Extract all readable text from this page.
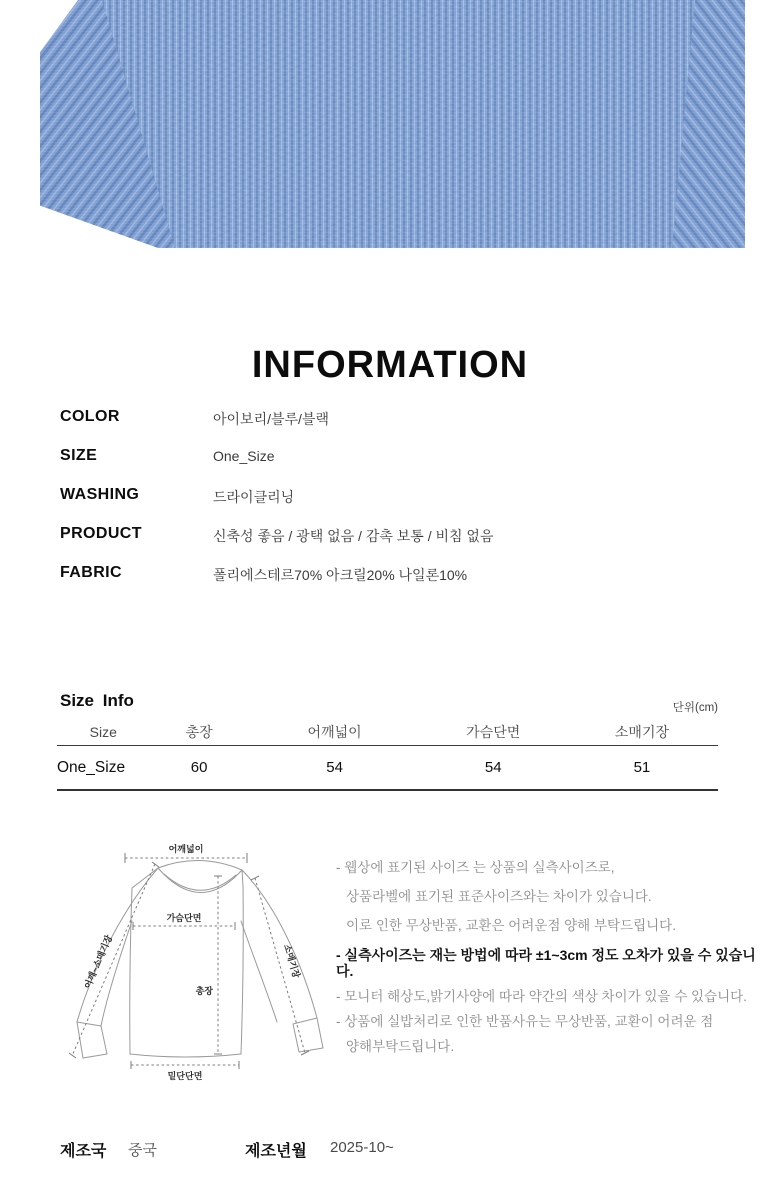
INFORMATION
COLOR	아이보리/블루/블랙
SIZE	One_Size
WASHING	드라이클리닝
PRODUCT	신축성 좋음 / 광택 없음 / 감촉 보통 / 비침 없음
FABRIC	폴리에스테르70% 아크릴20% 나일론10%
Size Info	단위(cm)
Size	총장	어깨넓이	가슴단면	소매기장
One_Size	60	54	54	51
어깨넓이
가슴단면
총장
밑단단면
어깨~소매기장	소매기장
- 웹상에 표기된 사이즈 는 상품의 실측사이즈로,
상품라벨에 표기된 표준사이즈와는 차이가 있습니다.
이로 인한 무상반품, 교환은 어려운점 양해 부탁드립니다.
- 실측사이즈는 재는 방법에 따라 ±1~3cm 정도 오차가 있을 수 있습니다.
- 모니터 해상도,밝기사양에 따라 약간의 색상 차이가 있을 수 있습니다.
- 상품에 실밥처리로 인한 반품사유는 무상반품, 교환이 어려운 점
양해부탁드립니다.
제조국 중국	제조년월 2025-10~
